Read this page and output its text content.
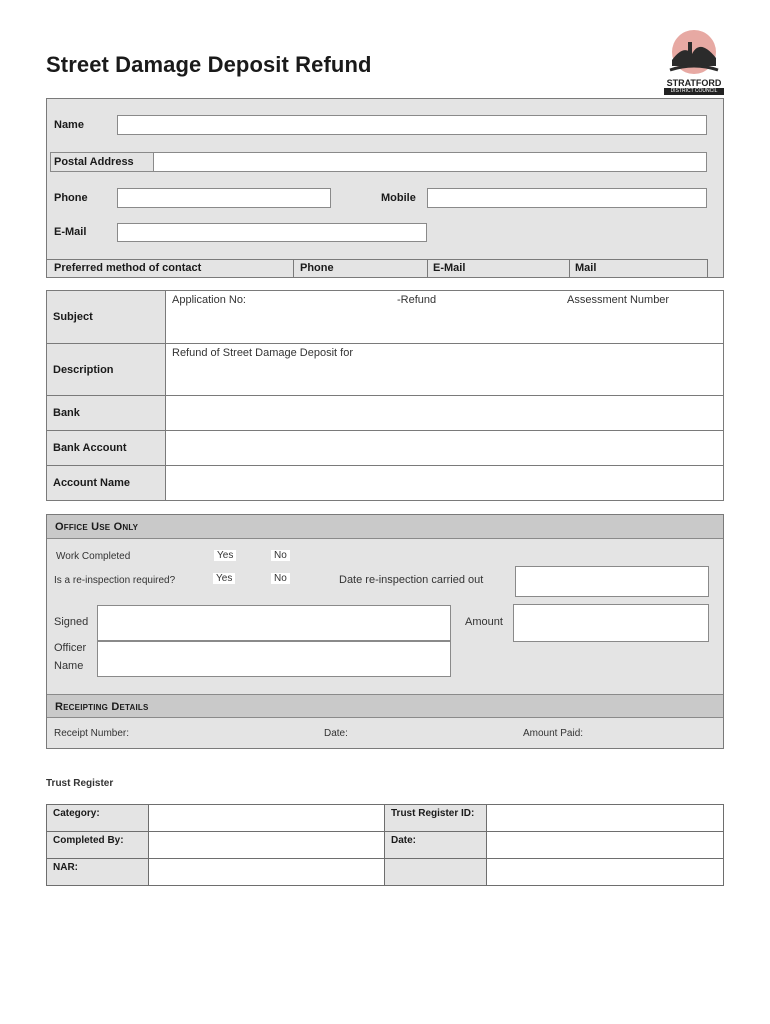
Street Damage Deposit Refund
STRATFORD
DISTRICT COUNCIL
Name
Postal Address
Phone	Mobile
E-Mail
Preferred method of contact	Phone	E-Mail	Mail
Subject	Application No: -Refund Assessment Number

Description	Refund of Street Damage Deposit for
Bank	
Bank Account	
Account Name	
Office Use Only
Work Completed	Yes	No
Is a re-inspection required?	Yes	No	Date re-inspection carried out
Signed	Amount
Officer
Name
Receipting Details
Receipt Number:	Date:	Amount Paid:
Trust Register
Category:		Trust Register ID:	
Completed By:		Date:	
NAR:			
